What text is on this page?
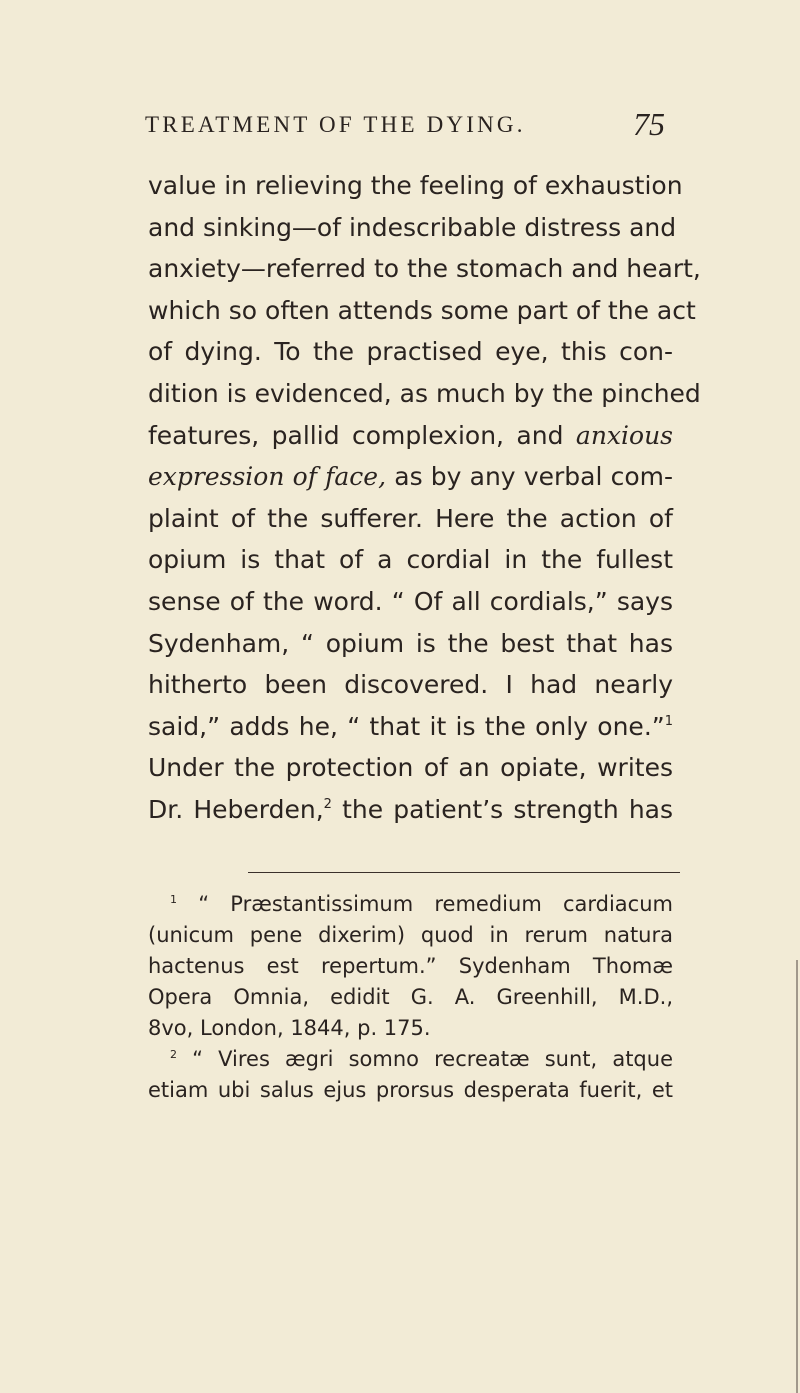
TREATMENT OF THE DYING.	75
value in relieving the feeling of exhaustion
and sinking—of indescribable distress and
anxiety—referred to the stomach and heart,
which so often attends some part of the act
of dying. To the practised eye, this con-
dition is evidenced, as much by the pinched
features, pallid complexion, and anxious
expression of face, as by any verbal com-
plaint of the sufferer. Here the action of
opium is that of a cordial in the fullest
sense of the word. “ Of all cordials,” says
Sydenham, “ opium is the best that has
hitherto been discovered. I had nearly
said,” adds he, “ that it is the only one.”$^1$
Under the protection of an opiate, writes
Dr. Heberden,$^2$ the patient’s strength has
$^1$ “ Præstantissimum remedium cardiacum
(unicum pene dixerim) quod in rerum natura
hactenus est repertum.” Sydenham Thomæ
Opera Omnia, edidit G. A. Greenhill, M.D.,
8vo, London, 1844, p. 175.
$^2$ “ Vires ægri somno recreatæ sunt, atque
etiam ubi salus ejus prorsus desperata fuerit, et
